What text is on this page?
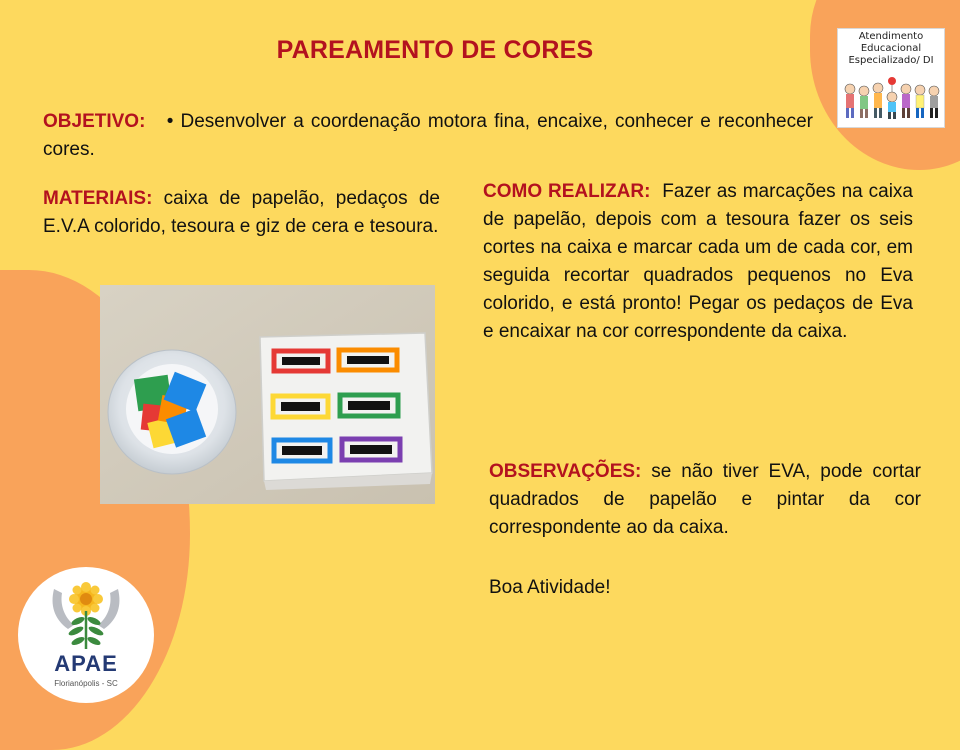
PAREAMENTO DE CORES
OBJETIVO: • Desenvolver a coordenação motora fina, encaixe, conhecer e reconhecer cores.
MATERIAIS: caixa de papelão, pedaços de E.V.A colorido, tesoura e giz de cera e tesoura.
COMO REALIZAR: Fazer as marcações na caixa de papelão, depois com a tesoura fazer os seis cortes na caixa e marcar cada um de cada cor, em seguida recortar quadrados pequenos no Eva colorido, e está pronto! Pegar os pedaços de Eva e encaixar na cor correspondente da caixa.
OBSERVAÇÕES: se não tiver EVA, pode cortar quadrados de papelão e pintar da cor correspondente ao da caixa.
Boa Atividade!
Atendimento
Educacional
Especializado/ DI
APAE
Florianópolis - SC
